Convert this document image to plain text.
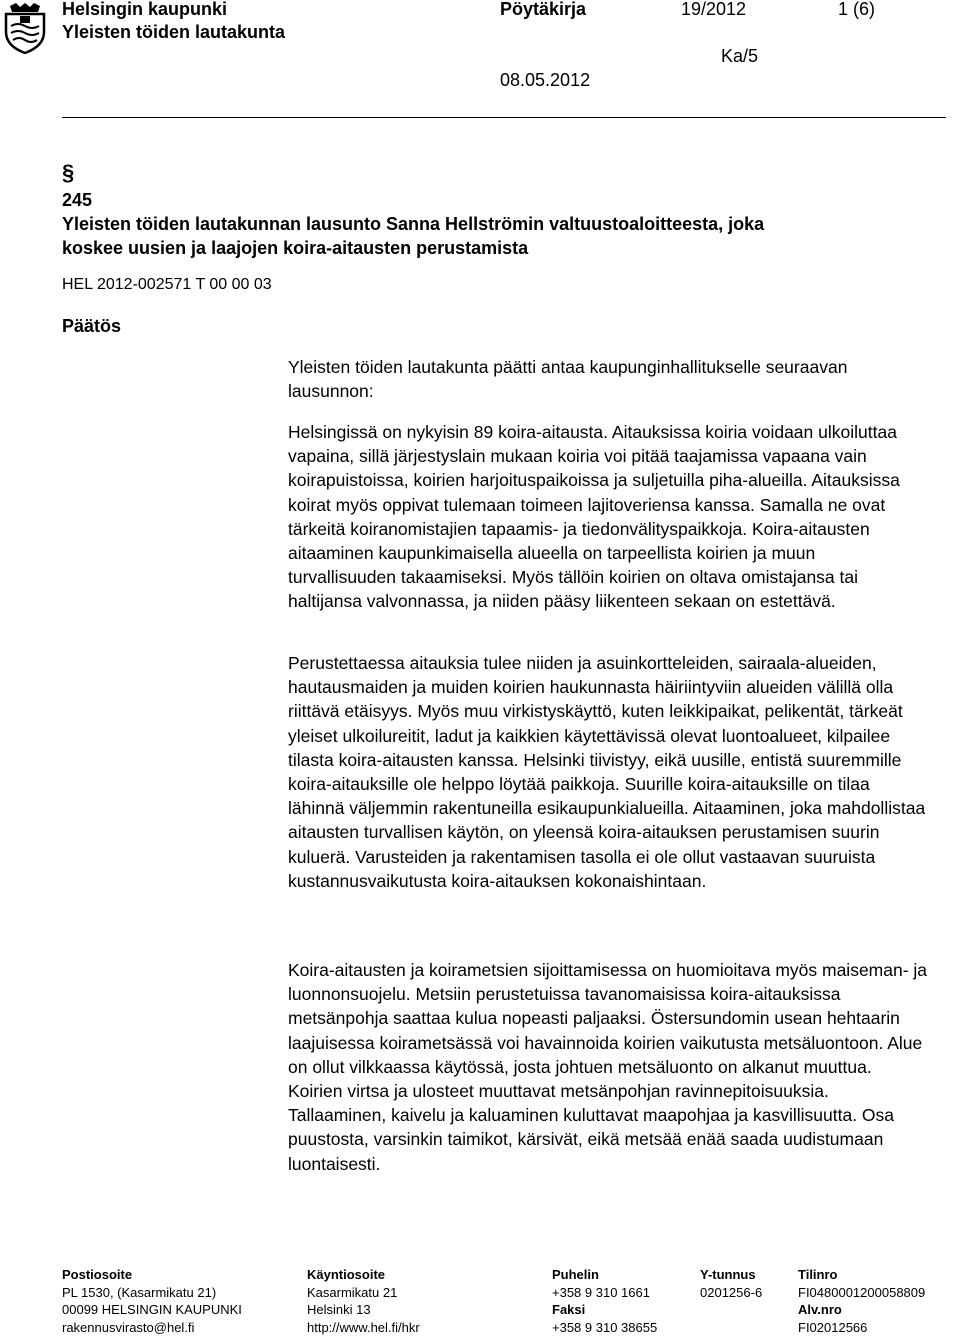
Helsingin kaupunki
Yleisten töiden lautakunta
Pöytäkirja	19/2012	1 (6)
Ka/5
08.05.2012
§
245
Yleisten töiden lautakunnan lausunto Sanna Hellströmin valtuustoaloitteesta, joka koskee uusien ja laajojen koira-aitausten perustamista
HEL 2012-002571 T 00 00 03
Päätös
Yleisten töiden lautakunta päätti antaa kaupunginhallitukselle seuraavan lausunnon:
Helsingissä on nykyisin 89 koira-aitausta. Aitauksissa koiria voidaan ulkoiluttaa vapaina, sillä järjestyslain mukaan koiria voi pitää taajamissa vapaana vain koirapuistoissa, koirien harjoituspaikoissa ja suljetuilla piha-alueilla. Aitauksissa koirat myös oppivat tulemaan toimeen lajitoveriensa kanssa. Samalla ne ovat tärkeitä koiranomistajien tapaamis- ja tiedonvälityspaikkoja. Koira-aitausten aitaaminen kaupunkimaisella alueella on tarpeellista koirien ja muun turvallisuuden takaamiseksi. Myös tällöin koirien on oltava omistajansa tai haltijansa valvonnassa, ja niiden pääsy liikenteen sekaan on estettävä.
Perustettaessa aitauksia tulee niiden ja asuinkortteleiden, sairaala-alueiden, hautausmaiden ja muiden koirien haukunnasta häiriintyviin alueiden välillä olla riittävä etäisyys. Myös muu virkistyskäyttö, kuten leikkipaikat, pelikentät, tärkeät yleiset ulkoilureitit, ladut ja kaikkien käytettävissä olevat luontoalueet, kilpailee tilasta koira-aitausten kanssa. Helsinki tiivistyy, eikä uusille, entistä suuremmille koira-aitauksille ole helppo löytää paikkoja. Suurille koira-aitauksille on tilaa lähinnä väljemmin rakentuneilla esikaupunkialueilla. Aitaaminen, joka mahdollistaa aitausten turvallisen käytön, on yleensä koira-aitauksen perustamisen suurin kuluerä. Varusteiden ja rakentamisen tasolla ei ole ollut vastaavan suuruista kustannusvaikutusta koira-aitauksen kokonaishintaan.
Koira-aitausten ja koirametsien sijoittamisessa on huomioitava myös maiseman- ja luonnonsuojelu. Metsiin perustetuissa tavanomaisissa koira-aitauksissa metsänpohja saattaa kulua nopeasti paljaaksi. Östersundomin usean hehtaarin laajuisessa koirametsässä voi havainnoida koirien vaikutusta metsäluontoon. Alue on ollut vilkkaassa käytössä, josta johtuen metsäluonto on alkanut muuttua. Koirien virtsa ja ulosteet muuttavat metsänpohjan ravinnepitoisuuksia. Tallaaminen, kaivelu ja kaluaminen kuluttavat maapohjaa ja kasvillisuutta. Osa puustosta, varsinkin taimikot, kärsivät, eikä metsää enää saada uudistumaan luontaisesti.
Postiosoite
PL 1530, (Kasarmikatu 21)
00099 HELSINGIN KAUPUNKI
rakennusvirasto@hel.fi
Käyntiosoite
Kasarmikatu 21
Helsinki 13
http://www.hel.fi/hkr
Puhelin
+358 9 310 1661
Faksi
+358 9 310 38655
Y-tunnus
0201256-6
Tilinro
FI0480001200058809
Alv.nro
FI02012566
